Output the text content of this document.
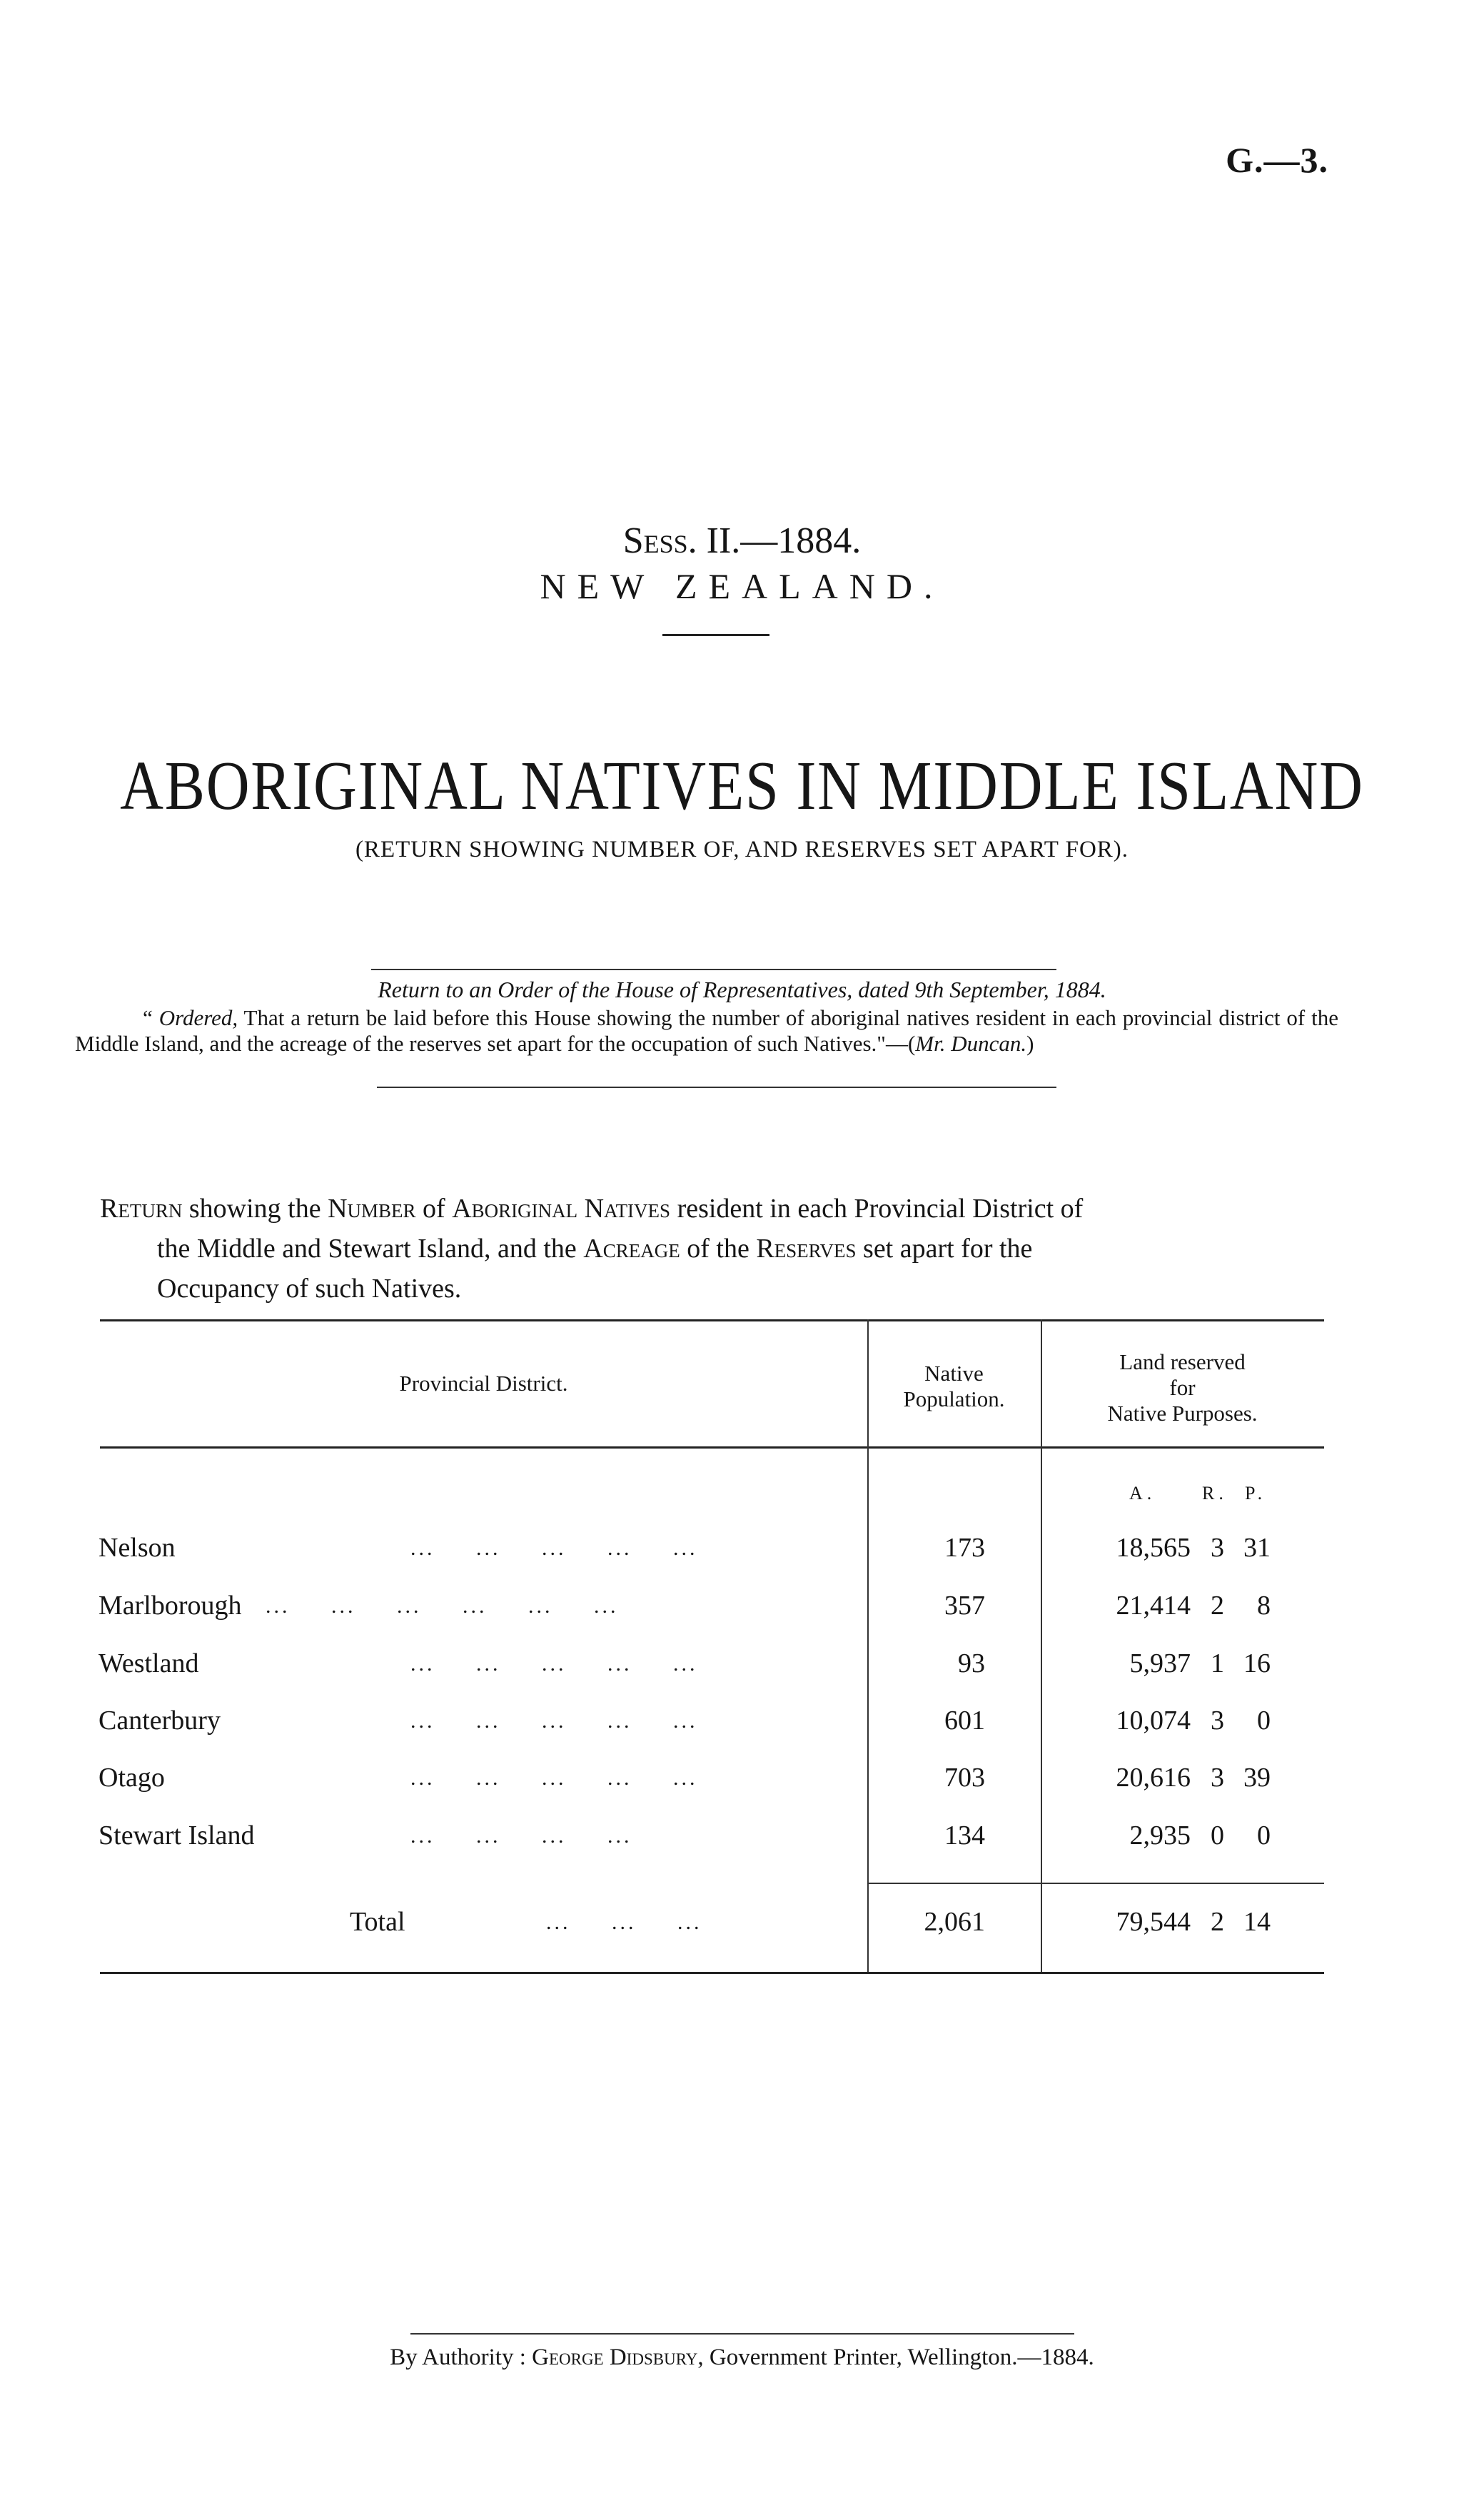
G.—3.
Sess. II.—1884.
NEW ZEALAND.
ABORIGINAL NATIVES IN MIDDLE ISLAND
(RETURN SHOWING NUMBER OF, AND RESERVES SET APART FOR).
Return to an Order of the House of Representatives, dated 9th September, 1884.
“ Ordered, That a return be laid before this House showing the number of aboriginal natives resident in each provincial district of the Middle Island, and the acreage of the reserves set apart for the occupation of such Natives."—(Mr. Duncan.)
Return showing the Number of Aboriginal Natives resident in each Provincial District of
the Middle and Stewart Island, and the Acreage of the Reserves set apart for the
Occupancy of such Natives.
Provincial District.	Native
Population.
Land reserved
for
Native Purposes.
A. R. P.
Nelson	...     ...     ...     ...     ...	173	18,565 3 31
Marlborough ...     ...     ...     ...     ...     ...	357	21,414 2	8
Westland	...     ...     ...     ...     ...	93	5,937 1 16
Canterbury	...     ...     ...     ...     ...	601	10,074 3	0
Otago	...     ...     ...     ...     ...	703	20,616 3 39
Stewart Island	...     ...     ...     ...	134	2,935 0	0
Total	...     ...     ...	2,061	79,544 2 14
By Authority : George Didsbury, Government Printer, Wellington.—1884.
